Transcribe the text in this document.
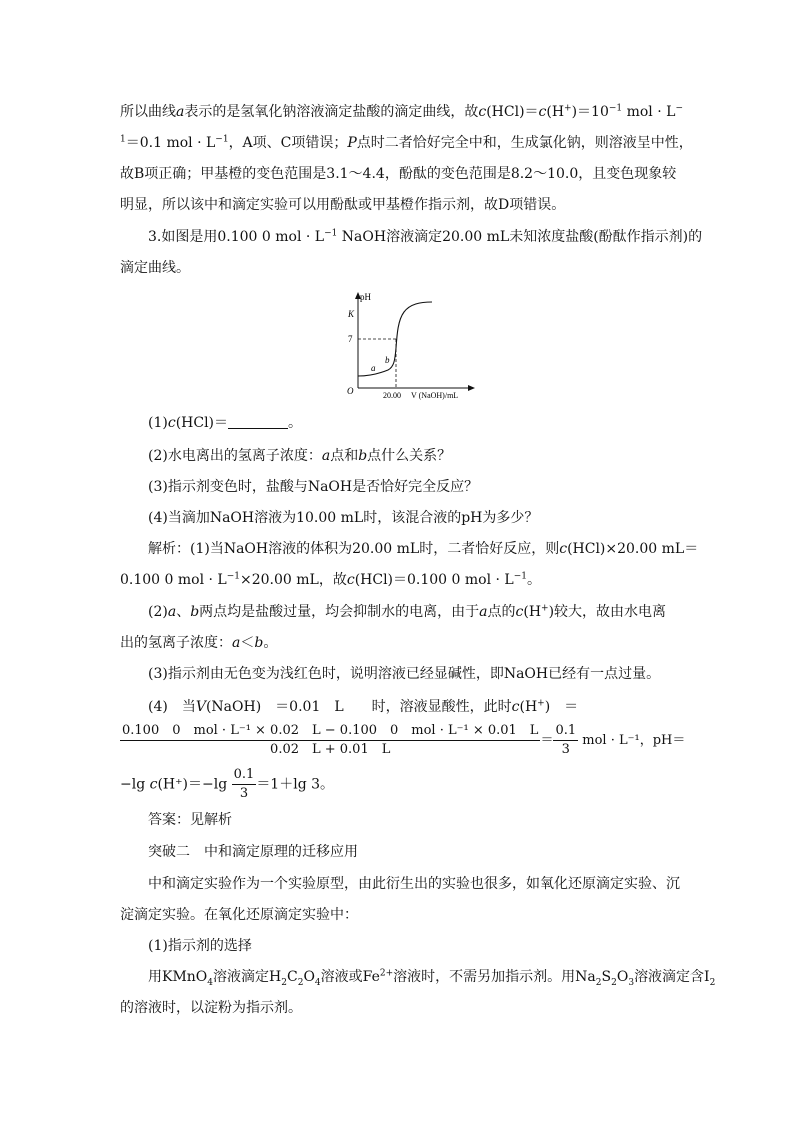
所以曲线a表示的是氢氧化钠溶液滴定盐酸的滴定曲线，故$c(HCl)=c(H^+)=10^{-1}$ mol · L−
$^1$＝0.1 mol · $L^{-1}$，A项、C项错误；P点时二者恰好完全中和，生成氯化钠，则溶液呈中性，
故B项正确；甲基橙的变色范围是3.1～4.4，酚酞的变色范围是8.2～10.0，且变色现象较
明显，所以该中和滴定实验可以用酚酞或甲基橙作指示剂，故D项错误。
3.如图是用0.100 0 mol · $L^{-1}$ NaOH溶液滴定20.00 mL未知浓度盐酸(酚酞作指示剂)的
滴定曲线。
pH
K
7
O
a
b
20.00 V (NaOH)/mL
(1)c(HCl)＝	。
(2)水电离出的氢离子浓度：a点和b点什么关系？
(3)指示剂变色时，盐酸与NaOH是否恰好完全反应？
(4)当滴加NaOH溶液为10.00 mL时，该混合液的pH为多少？
解析：(1)当NaOH溶液的体积为20.00 mL时，二者恰好反应，则c(HCl)×20.00 mL＝
0.100 0 mol · $L^{-1}\times 20.00$ mL，故c(HCl)＝0.100 0 mol · $L^{-1}$。
(2)a、b两点均是盐酸过量，均会抑制水的电离，由于a点的c(H+)较大，故由水电离
出的氢离子浓度：a＜b。
(3)指示剂由无色变为浅红色时，说明溶液已经显碱性，即NaOH已经有一点过量。
(4)　当V(NaOH)　＝0.01　L　　时，溶液显酸性，此时c(H+)　＝
$\frac{\text{0.100　0　mol · L⁻¹ × 0.02　L − 0.100　0　mol · L⁻¹ × 0.01　L}}{0.02 L + 0.01 L} = \frac{0.1}{3}$ mol · L⁻¹，pH＝
−lg $c(H^+)=-\lg \frac{0.1}{3} =1+\lg$ 3。
答案：见解析
突破二　中和滴定原理的迁移应用
中和滴定实验作为一个实验原型，由此衍生出的实验也很多，如氧化还原滴定实验、沉
淀滴定实验。在氧化还原滴定实验中：
(1)指示剂的选择
用KMnO$_4$溶液滴定$H_2C_2O_4$溶液或$Fe^{2+}$溶液时，不需另加指示剂。用$Na_2S_2O_3$溶液滴定含$I_2$
的溶液时，以淀粉为指示剂。
